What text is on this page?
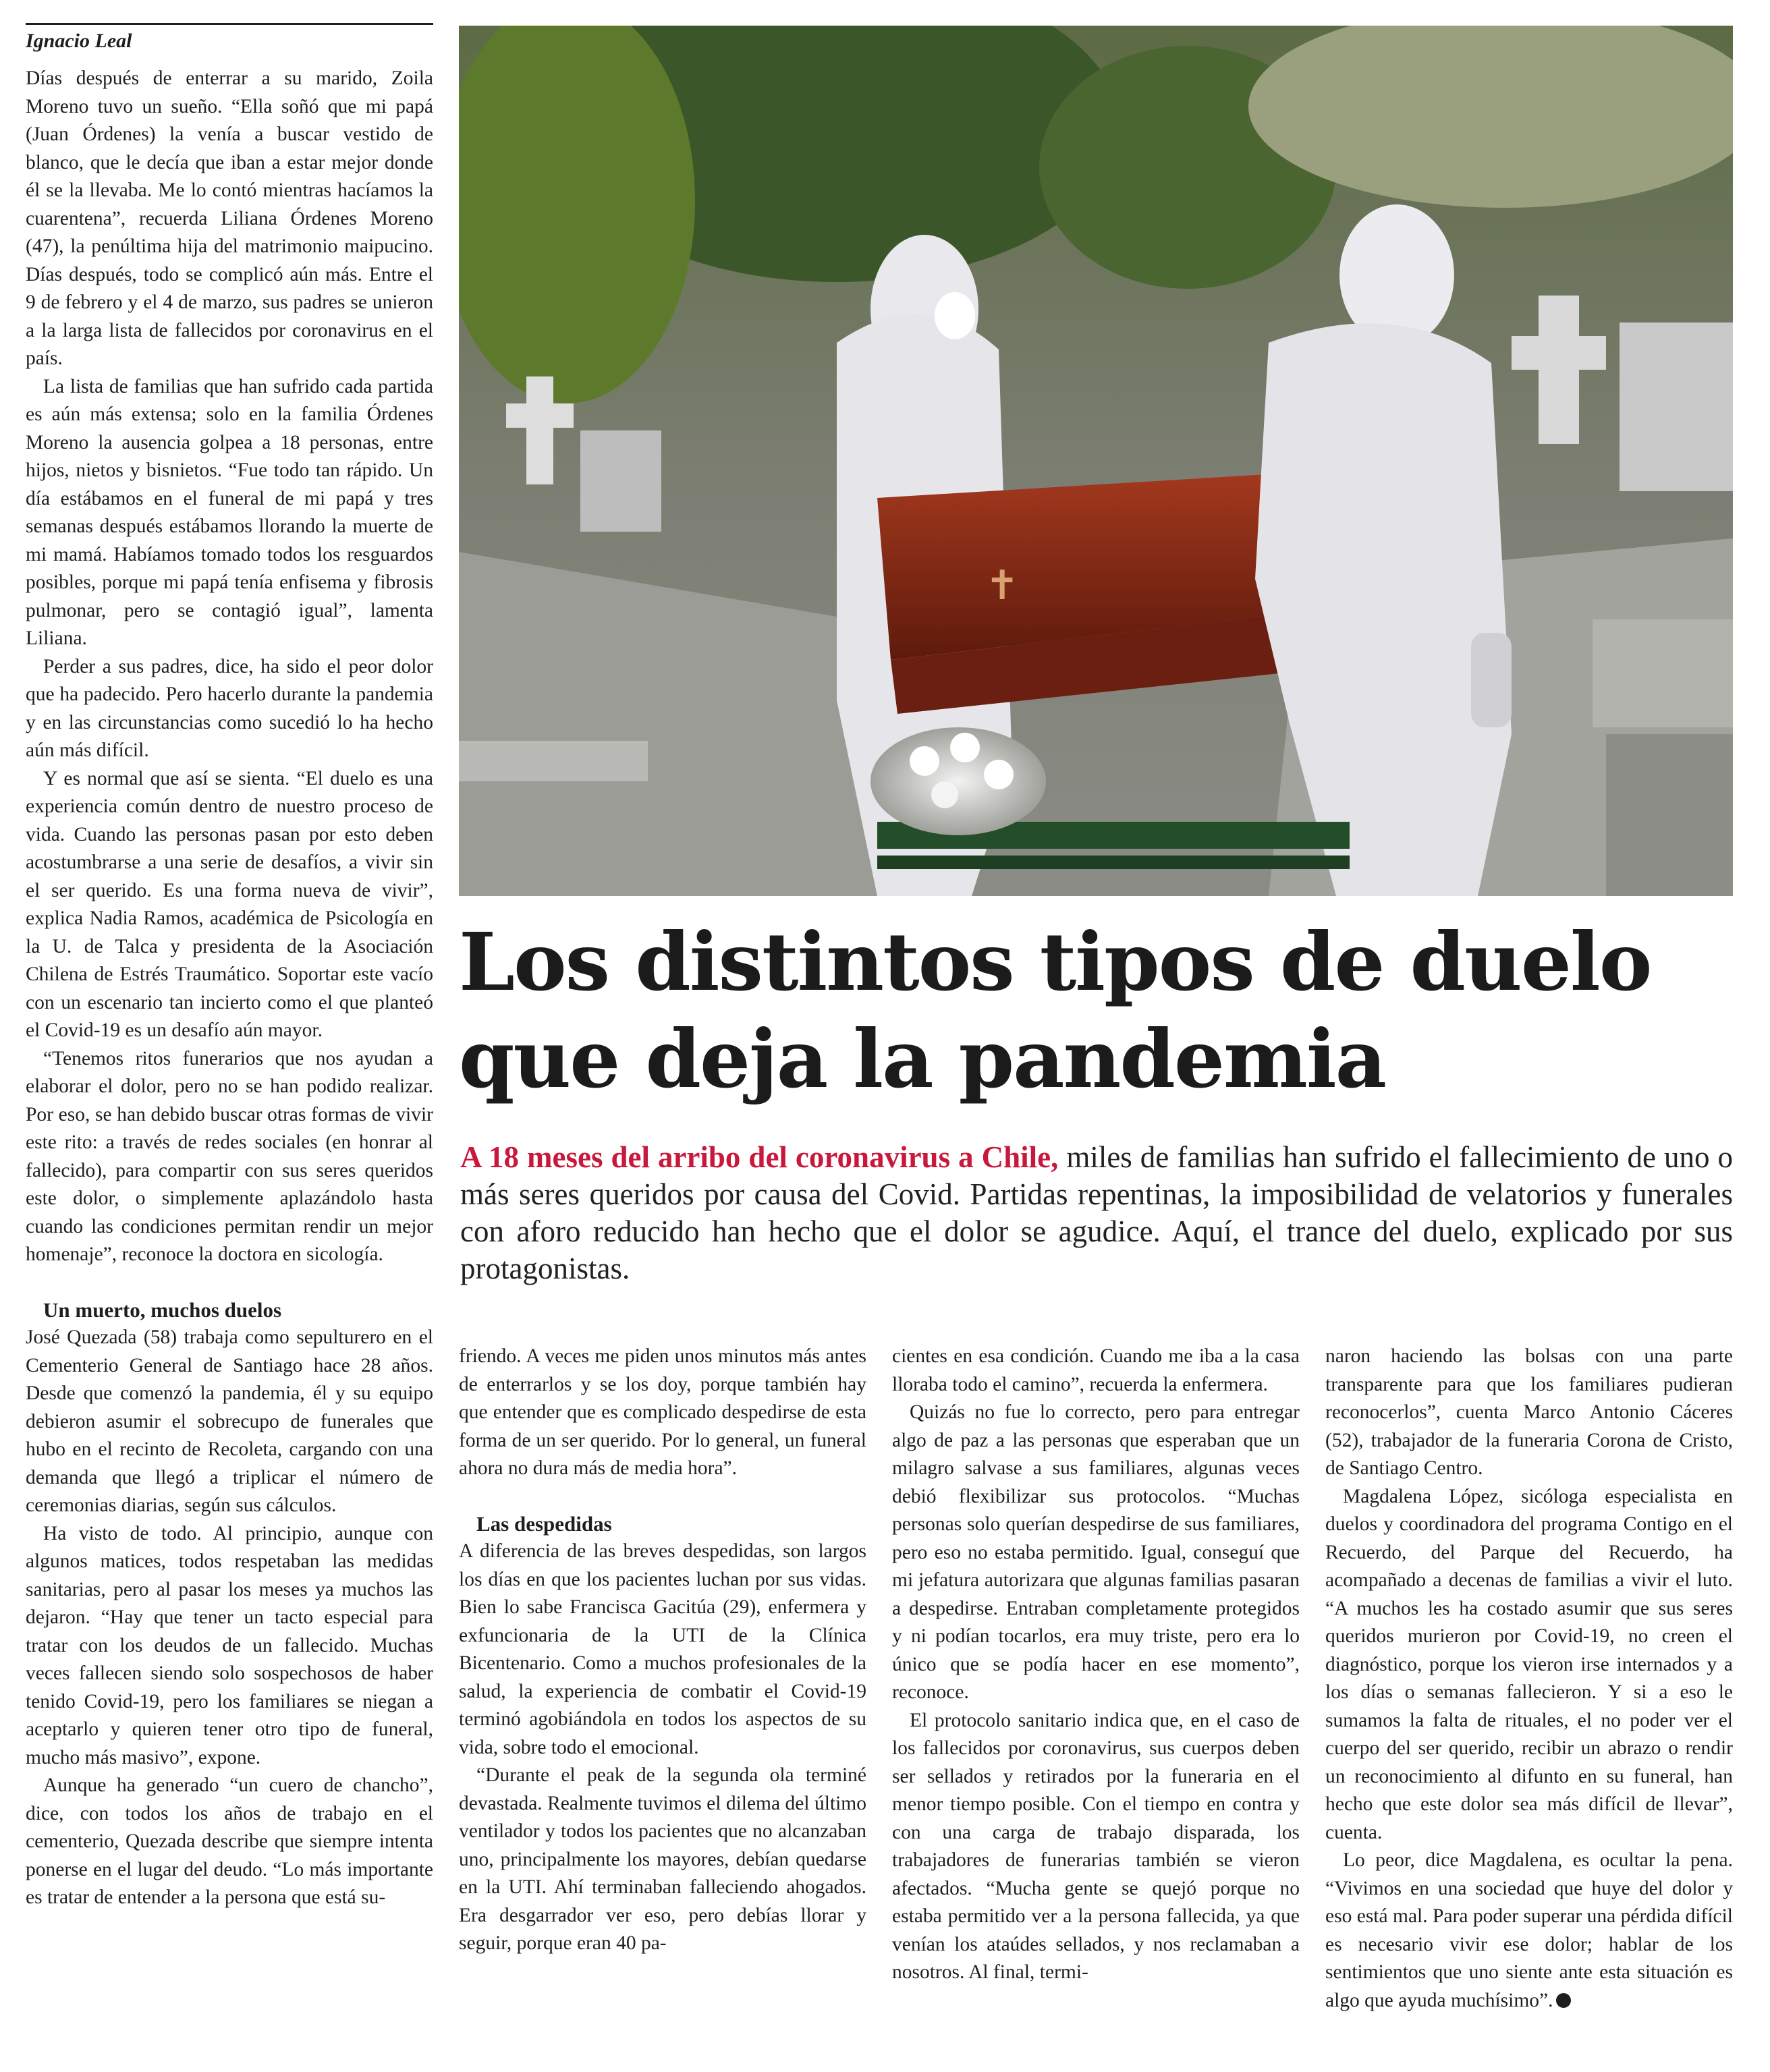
Ignacio Leal
✝
Los distintos tipos de duelo
que deja la pandemia
A 18 meses del arribo del coronavirus a Chile, miles de familias han sufrido el fallecimiento de uno o más seres queridos por causa del Covid. Partidas repentinas, la imposibilidad de velatorios y funerales con aforo reducido han hecho que el dolor se agudice. Aquí, el trance del duelo, explicado por sus protagonistas.

Días después de enterrar a su marido, Zoila Moreno tuvo un sueño. “Ella soñó que mi papá (Juan Órdenes) la venía a buscar vestido de blanco, que le decía que iban a estar mejor donde él se la llevaba. Me lo contó mientras hacíamos la cuarentena”, recuerda Liliana Órdenes Moreno (47), la penúltima hija del matrimonio maipucino. Días después, todo se complicó aún más. Entre el 9 de febrero y el 4 de marzo, sus padres se unieron a la larga lista de fallecidos por coronavirus en el país.

La lista de familias que han sufrido cada partida es aún más extensa; solo en la familia Órdenes Moreno la ausencia golpea a 18 personas, entre hijos, nietos y bisnietos. “Fue todo tan rápido. Un día estábamos en el funeral de mi papá y tres semanas después estábamos llorando la muerte de mi mamá. Habíamos tomado todos los resguardos posibles, porque mi papá tenía enfisema y fibrosis pulmonar, pero se contagió igual”, lamenta Liliana.

Perder a sus padres, dice, ha sido el peor dolor que ha padecido. Pero hacerlo durante la pandemia y en las circunstancias como sucedió lo ha hecho aún más difícil.

Y es normal que así se sienta. “El duelo es una experiencia común dentro de nuestro proceso de vida. Cuando las personas pasan por esto deben acostumbrarse a una serie de desafíos, a vivir sin el ser querido. Es una forma nueva de vivir”, explica Nadia Ramos, académica de Psicología en la U. de Talca y presidenta de la Asociación Chilena de Estrés Traumático. Soportar este vacío con un escenario tan incierto como el que planteó el Covid-19 es un desafío aún mayor.

“Tenemos ritos funerarios que nos ayudan a elaborar el dolor, pero no se han podido realizar. Por eso, se han debido buscar otras formas de vivir este rito: a través de redes sociales (en honrar al fallecido), para compartir con sus seres queridos este dolor, o simplemente aplazándolo hasta cuando las condiciones permitan rendir un mejor homenaje”, reconoce la doctora en sicología.

Un muerto, muchos duelos

José Quezada (58) trabaja como sepulturero en el Cementerio General de Santiago hace 28 años. Desde que comenzó la pandemia, él y su equipo debieron asumir el sobrecupo de funerales que hubo en el recinto de Recoleta, cargando con una demanda que llegó a triplicar el número de ceremonias diarias, según sus cálculos.

Ha visto de todo. Al principio, aunque con algunos matices, todos respetaban las medidas sanitarias, pero al pasar los meses ya muchos las dejaron. “Hay que tener un tacto especial para tratar con los deudos de un fallecido. Muchas veces fallecen siendo solo sospechosos de haber tenido Covid-19, pero los familiares se niegan a aceptarlo y quieren tener otro tipo de funeral, mucho más masivo”, expone.

Aunque ha generado “un cuero de chancho”, dice, con todos los años de trabajo en el cementerio, Quezada describe que siempre intenta ponerse en el lugar del deudo. “Lo más importante es tratar de entender a la persona que está su-

friendo. A veces me piden unos minutos más antes de enterrarlos y se los doy, porque también hay que entender que es complicado despedirse de esta forma de un ser querido. Por lo general, un funeral ahora no dura más de media hora”.

Las despedidas

A diferencia de las breves despedidas, son largos los días en que los pacientes luchan por sus vidas. Bien lo sabe Francisca Gacitúa (29), enfermera y exfuncionaria de la UTI de la Clínica Bicentenario. Como a muchos profesionales de la salud, la experiencia de combatir el Covid-19 terminó agobiándola en todos los aspectos de su vida, sobre todo el emocional.

“Durante el peak de la segunda ola terminé devastada. Realmente tuvimos el dilema del último ventilador y todos los pacientes que no alcanzaban uno, principalmente los mayores, debían quedarse en la UTI. Ahí terminaban falleciendo ahogados. Era desgarrador ver eso, pero debías llorar y seguir, porque eran 40 pa-

cientes en esa condición. Cuando me iba a la casa lloraba todo el camino”, recuerda la enfermera.

Quizás no fue lo correcto, pero para entregar algo de paz a las personas que esperaban que un milagro salvase a sus familiares, algunas veces debió flexibilizar sus protocolos. “Muchas personas solo querían despedirse de sus familiares, pero eso no estaba permitido. Igual, conseguí que mi jefatura autorizara que algunas familias pasaran a despedirse. Entraban completamente protegidos y ni podían tocarlos, era muy triste, pero era lo único que se podía hacer en ese momento”, reconoce.

El protocolo sanitario indica que, en el caso de los fallecidos por coronavirus, sus cuerpos deben ser sellados y retirados por la funeraria en el menor tiempo posible. Con el tiempo en contra y con una carga de trabajo disparada, los trabajadores de funerarias también se vieron afectados. “Mucha gente se quejó porque no estaba permitido ver a la persona fallecida, ya que venían los ataúdes sellados, y nos reclamaban a nosotros. Al final, termi-

naron haciendo las bolsas con una parte transparente para que los familiares pudieran reconocerlos”, cuenta Marco Antonio Cáceres (52), trabajador de la funeraria Corona de Cristo, de Santiago Centro.

Magdalena López, sicóloga especialista en duelos y coordinadora del programa Contigo en el Recuerdo, del Parque del Recuerdo, ha acompañado a decenas de familias a vivir el luto. “A muchos les ha costado asumir que sus seres queridos murieron por Covid-19, no creen el diagnóstico, porque los vieron irse internados y a los días o semanas fallecieron. Y si a eso le sumamos la falta de rituales, el no poder ver el cuerpo del ser querido, recibir un abrazo o rendir un reconocimiento al difunto en su funeral, han hecho que este dolor sea más difícil de llevar”, cuenta.

Lo peor, dice Magdalena, es ocultar la pena. “Vivimos en una sociedad que huye del dolor y eso está mal. Para poder superar una pérdida difícil es necesario vivir ese dolor; hablar de los sentimientos que uno siente ante esta situación es algo que ayuda muchísimo”.
